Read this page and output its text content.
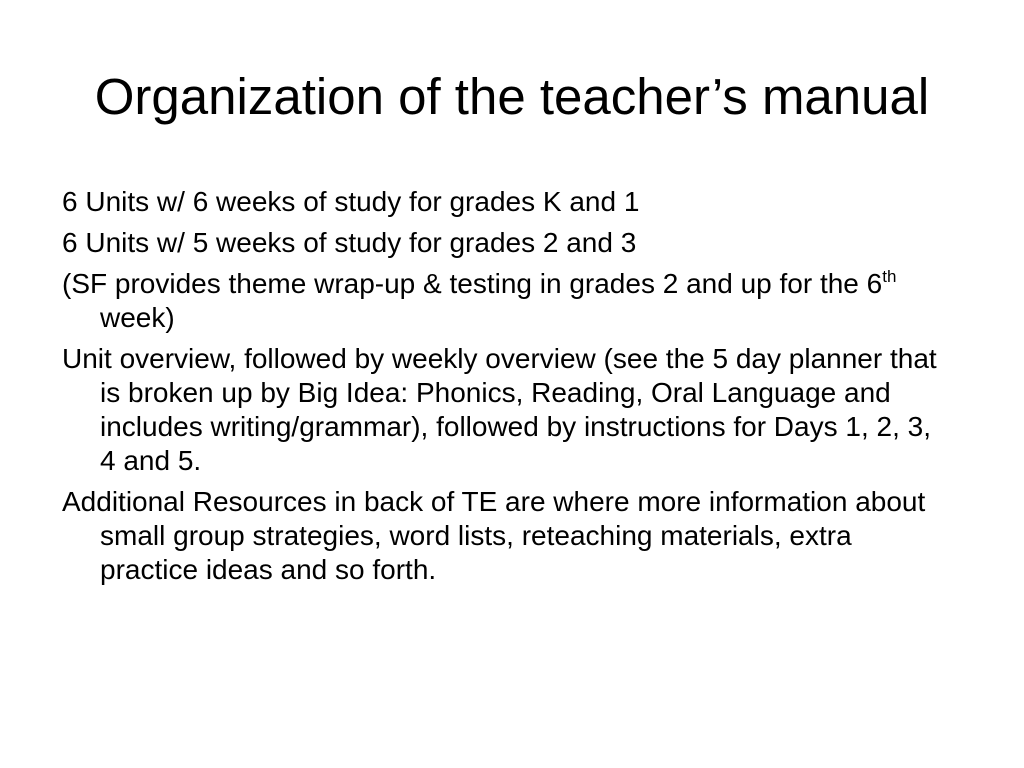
Organization of the teacher’s manual
6 Units w/ 6 weeks of study for grades K and 1
6 Units w/ 5 weeks of study for grades 2 and 3
(SF provides theme wrap-up & testing in grades 2 and up for the 6th
week)
Unit overview, followed by weekly overview (see the 5 day planner that
is broken up by Big Idea: Phonics, Reading, Oral Language and
includes writing/grammar), followed by instructions for Days 1, 2, 3,
4 and 5.
Additional Resources in back of TE are where more information about
small group strategies, word lists, reteaching materials, extra
practice ideas and so forth.
